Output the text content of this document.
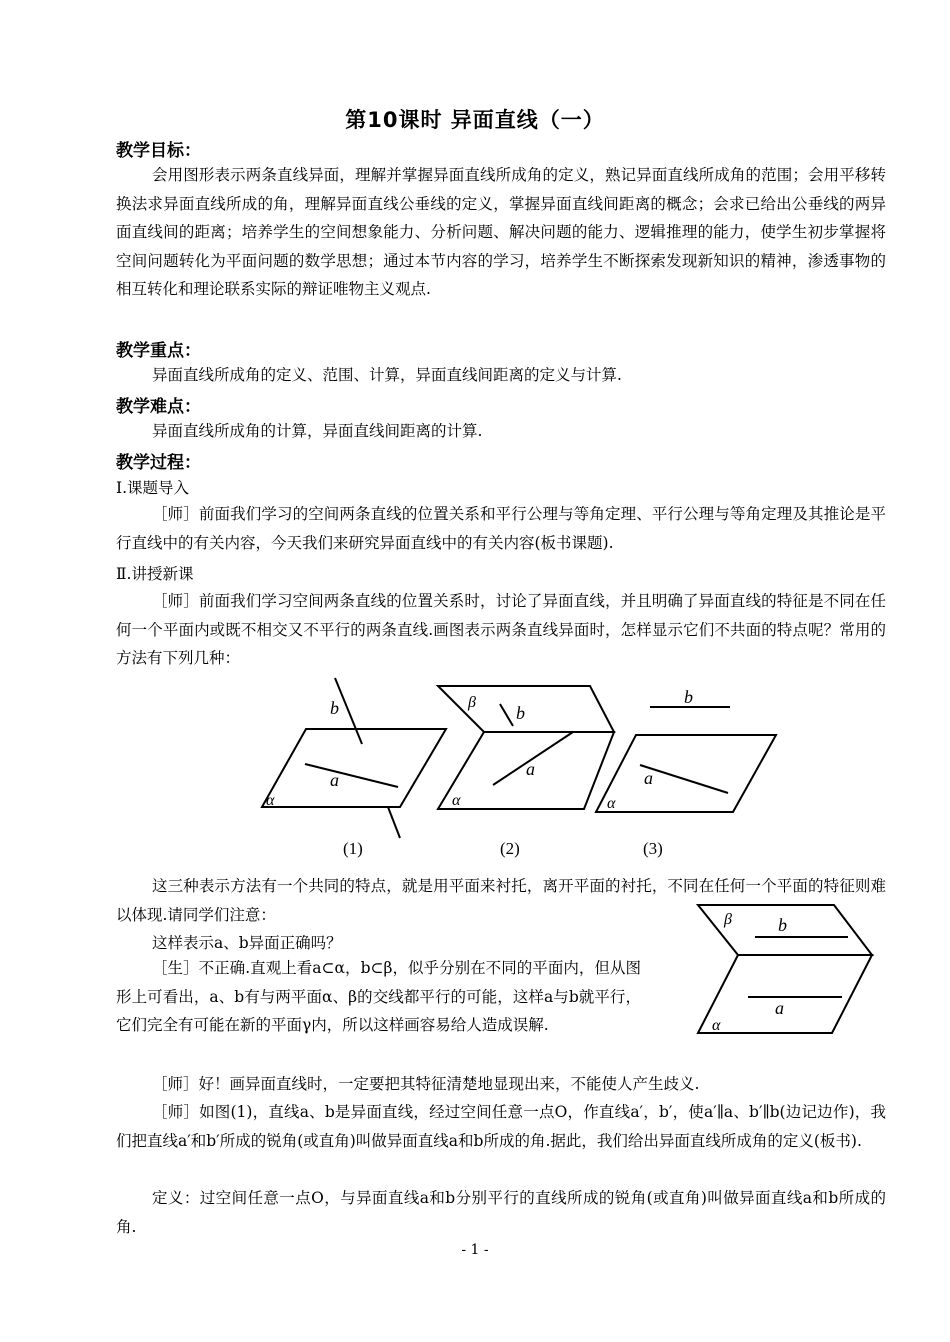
第10课时 异面直线（一）
教学目标：
会用图形表示两条直线异面，理解并掌握异面直线所成角的定义，熟记异面直线所成角的范围；会用平移转换法求异面直线所成的角，理解异面直线公垂线的定义，掌握异面直线间距离的概念；会求已给出公垂线的两异面直线间的距离；培养学生的空间想象能力、分析问题、解决问题的能力、逻辑推理的能力，使学生初步掌握将空间问题转化为平面问题的数学思想；通过本节内容的学习，培养学生不断探索发现新知识的精神，渗透事物的相互转化和理论联系实际的辩证唯物主义观点.
教学重点：
异面直线所成角的定义、范围、计算，异面直线间距离的定义与计算.
教学难点：
异面直线所成角的计算，异面直线间距离的计算.
教学过程：
Ⅰ.课题导入
［师］前面我们学习的空间两条直线的位置关系和平行公理与等角定理、平行公理与等角定理及其推论是平行直线中的有关内容，今天我们来研究异面直线中的有关内容(板书课题).
Ⅱ.讲授新课
［师］前面我们学习空间两条直线的位置关系时，讨论了异面直线，并且明确了异面直线的特征是不同在任何一个平面内或既不相交又不平行的两条直线.画图表示两条直线异面时，怎样显示它们不共面的特点呢？常用的方法有下列几种：
b
a
α
β
b
a
α
b
a
α
(1)	(2)	(3)
这三种表示方法有一个共同的特点，就是用平面来衬托，离开平面的衬托，不同在任何一个平面的特征则难以体现.请同学们注意：	β	b
a
α
这样表示a、b异面正确吗？
［生］不正确.直观上看a⊂α，b⊂β，似乎分别在不同的平面内，但从图形上可看出，a、b有与两平面α、β的交线都平行的可能，这样a与b就平行，它们完全有可能在新的平面γ内，所以这样画容易给人造成误解.
［师］好！画异面直线时，一定要把其特征清楚地显现出来，不能使人产生歧义.
［师］如图(1)，直线a、b是异面直线，经过空间任意一点O，作直线a′，b′，使a′∥a、b′∥b(边记边作)，我们把直线a′和b′所成的锐角(或直角)叫做异面直线a和b所成的角.据此，我们给出异面直线所成角的定义(板书).
定义：过空间任意一点O，与异面直线a和b分别平行的直线所成的锐角(或直角)叫做异面直线a和b所成的角.
- 1 -
